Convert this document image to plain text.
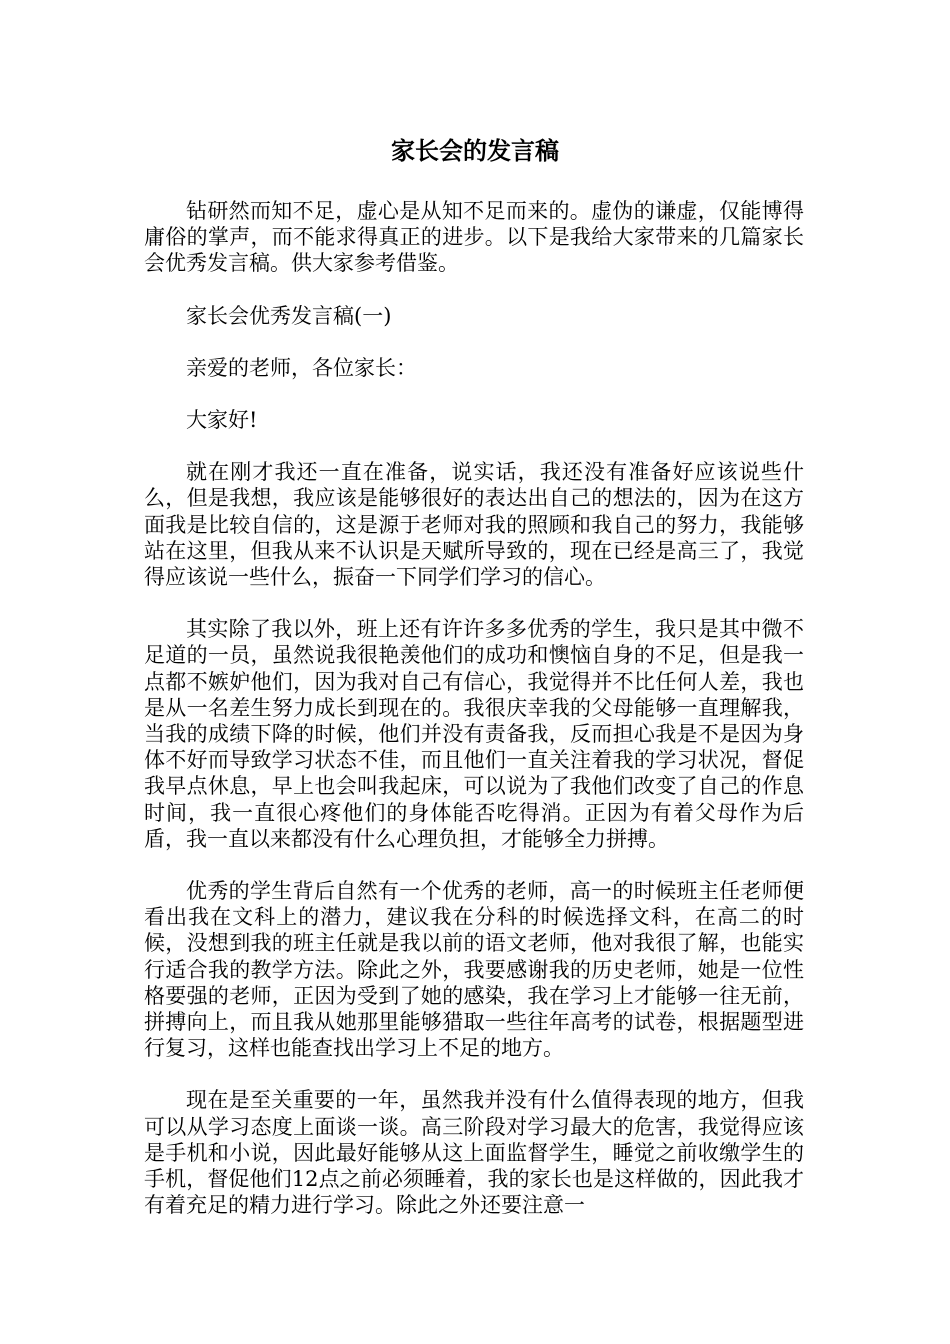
家长会的发言稿

钻研然而知不足，虚心是从知不足而来的。虚伪的谦虚，仅能博得庸俗的掌声，而不能求得真正的进步。以下是我给大家带来的几篇家长会优秀发言稿。供大家参考借鉴。

家长会优秀发言稿(一)

亲爱的老师，各位家长：

大家好!

就在刚才我还一直在准备，说实话，我还没有准备好应该说些什么，但是我想，我应该是能够很好的表达出自己的想法的，因为在这方面我是比较自信的，这是源于老师对我的照顾和我自己的努力，我能够站在这里，但我从来不认识是天赋所导致的，现在已经是高三了，我觉得应该说一些什么，振奋一下同学们学习的信心。

其实除了我以外，班上还有许许多多优秀的学生，我只是其中微不足道的一员，虽然说我很艳羡他们的成功和懊恼自身的不足，但是我一点都不嫉妒他们，因为我对自己有信心，我觉得并不比任何人差，我也是从一名差生努力成长到现在的。我很庆幸我的父母能够一直理解我，当我的成绩下降的时候，他们并没有责备我，反而担心我是不是因为身体不好而导致学习状态不佳，而且他们一直关注着我的学习状况，督促我早点休息，早上也会叫我起床，可以说为了我他们改变了自己的作息时间，我一直很心疼他们的身体能否吃得消。正因为有着父母作为后盾，我一直以来都没有什么心理负担，才能够全力拼搏。

优秀的学生背后自然有一个优秀的老师，高一的时候班主任老师便看出我在文科上的潜力，建议我在分科的时候选择文科，在高二的时候，没想到我的班主任就是我以前的语文老师，他对我很了解，也能实行适合我的教学方法。除此之外，我要感谢我的历史老师，她是一位性格要强的老师，正因为受到了她的感染，我在学习上才能够一往无前，拼搏向上，而且我从她那里能够猎取一些往年高考的试卷，根据题型进行复习，这样也能查找出学习上不足的地方。

现在是至关重要的一年，虽然我并没有什么值得表现的地方，但我可以从学习态度上面谈一谈。高三阶段对学习最大的危害，我觉得应该是手机和小说，因此最好能够从这上面监督学生，睡觉之前收缴学生的手机，督促他们12点之前必须睡着，我的家长也是这样做的，因此我才有着充足的精力进行学习。除此之外还要注意一
